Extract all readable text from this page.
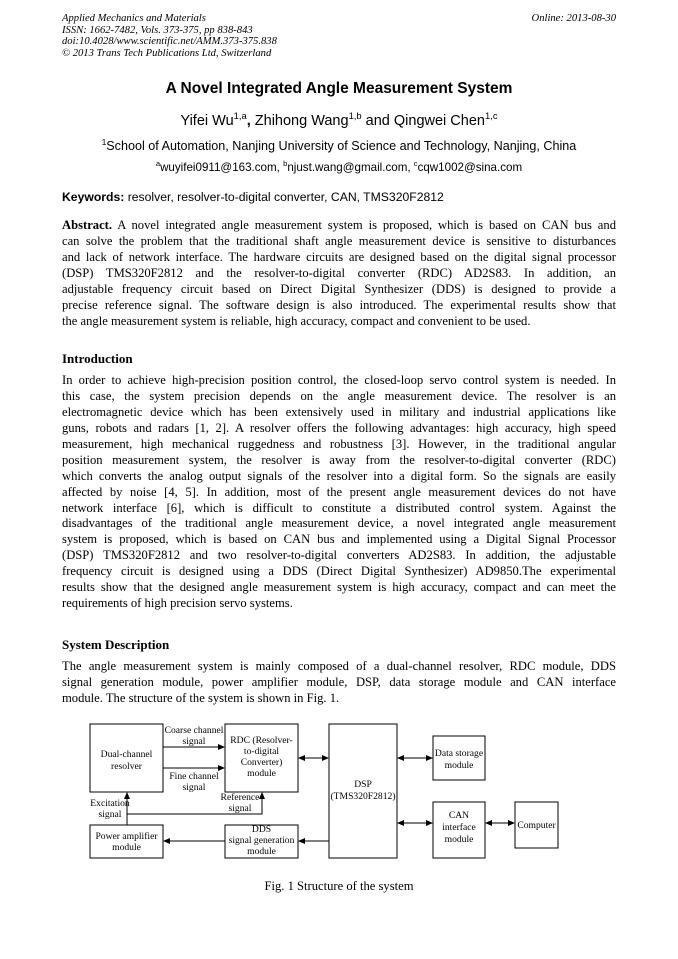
Applied Mechanics and Materials
ISSN: 1662-7482, Vols. 373-375, pp 838-843
doi:10.4028/www.scientific.net/AMM.373-375.838
© 2013 Trans Tech Publications Ltd, Switzerland
Online: 2013-08-30
A Novel Integrated Angle Measurement System
Yifei Wu$^{1,a}$, Zhihong Wang$^{1,b}$ and Qingwei Chen$^{1,c}$
$^1$School of Automation, Nanjing University of Science and Technology, Nanjing, China
$^a$wuyifei0911@163.com, $^b$njust.wang@gmail.com, $^c$cqw1002@sina.com
Keywords: resolver, resolver-to-digital converter, CAN, TMS320F2812
Abstract. A novel integrated angle measurement system is proposed, which is based on CAN bus and
can solve the problem that the traditional shaft angle measurement device is sensitive to disturbances
and lack of network interface. The hardware circuits are designed based on the digital signal processor
(DSP) TMS320F2812 and the resolver-to-digital converter (RDC) AD2S83. In addition, an
adjustable frequency circuit based on Direct Digital Synthesizer (DDS) is designed to provide a
precise reference signal. The software design is also introduced. The experimental results show that
the angle measurement system is reliable, high accuracy, compact and convenient to be used.
Introduction
In order to achieve high-precision position control, the closed-loop servo control system is needed. In
this case, the system precision depends on the angle measurement device. The resolver is an
electromagnetic device which has been extensively used in military and industrial applications like
guns, robots and radars [1, 2]. A resolver offers the following advantages: high accuracy, high speed
measurement, high mechanical ruggedness and robustness [3]. However, in the traditional angular
position measurement system, the resolver is away from the resolver-to-digital converter (RDC)
which converts the analog output signals of the resolver into a digital form. So the signals are easily
affected by noise [4, 5]. In addition, most of the present angle measurement devices do not have
network interface [6], which is difficult to constitute a distributed control system. Against the
disadvantages of the traditional angle measurement device, a novel integrated angle measurement
system is proposed, which is based on CAN bus and implemented using a Digital Signal Processor
(DSP) TMS320F2812 and two resolver-to-digital converters AD2S83. In addition, the adjustable
frequency circuit is designed using a DDS (Direct Digital Synthesizer) AD9850.The experimental
results show that the designed angle measurement system is high accuracy, compact and can meet the
requirements of high precision servo systems.
System Description
The angle measurement system is mainly composed of a dual-channel resolver, RDC module, DDS
signal generation module, power amplifier module, DSP, data storage module and CAN interface
module. The structure of the system is shown in Fig. 1.
Dual-channel
resolver
RDC (Resolver-
to-digital
Converter)
module
DSP
(TMS320F2812)
Data storage
module
CAN
interface
module
Computer
Power amplifier
module
DDS
signal generation
module
Coarse channel
signal
Fine channel
signal
Reference
signal
Excitation
signal
Fig. 1 Structure of the system
